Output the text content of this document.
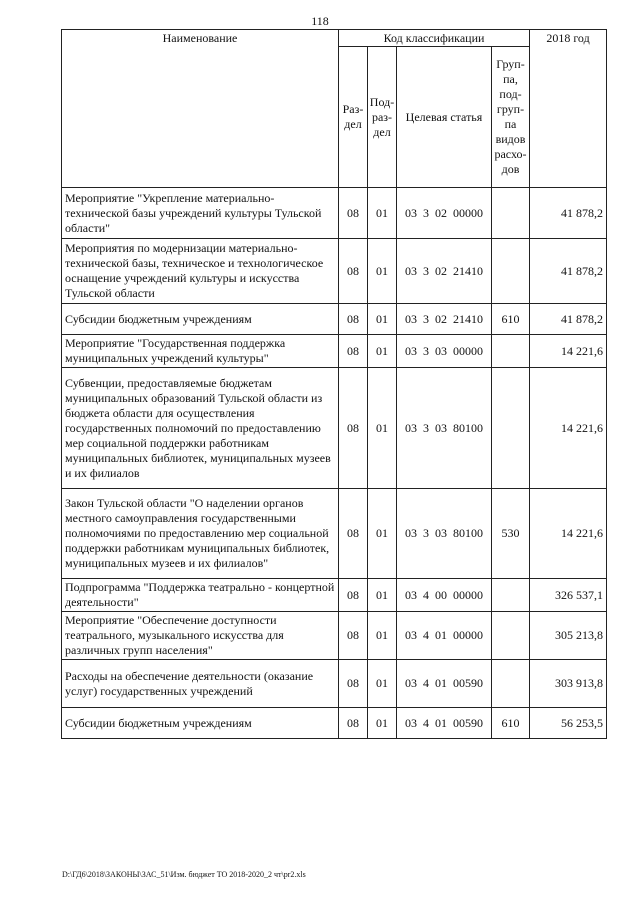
118
Наименование	Код классификации				2018 год
	Раз- дел	Под- раз- дел	Целевая статья	Груп- па, под- груп- па видов расхо- дов	
Мероприятие "Укрепление материально-технической базы учреждений культуры Тульской области"	08	01	03  3  02  00000		41 878,2
Мероприятия по модернизации материально-технической базы, техническое и технологическое оснащение учреждений культуры и искусства Тульской области	08	01	03  3  02  21410		41 878,2
Субсидии бюджетным учреждениям	08	01	03  3  02  21410	610	41 878,2
Мероприятие "Государственная поддержка муниципальных учреждений культуры"	08	01	03  3  03  00000		14 221,6
Субвенции, предоставляемые бюджетам муниципальных образований Тульской области из бюджета области для осуществления государственных полномочий по предоставлению мер социальной поддержки работникам муниципальных библиотек, муниципальных музеев и их филиалов	08	01	03  3  03  80100		14 221,6
Закон Тульской области "О наделении органов местного самоуправления государственными полномочиями по предоставлению мер социальной поддержки работникам муниципальных библиотек, муниципальных музеев и их филиалов"	08	01	03  3  03  80100	530	14 221,6
Подпрограмма "Поддержка театрально - концертной деятельности"	08	01	03  4  00  00000		326 537,1
Мероприятие "Обеспечение доступности театрального, музыкального искусства для различных групп населения"	08	01	03  4  01  00000		305 213,8
Расходы на обеспечение деятельности (оказание услуг) государственных учреждений	08	01	03  4  01  00590		303 913,8
Субсидии бюджетным учреждениям	08	01	03  4  01  00590	610	56 253,5
D:\ГД6\2018\ЗАКОНЫ\ЗАС_51\Изм. бюджет ТО 2018-2020_2 чт\pr2.xls
